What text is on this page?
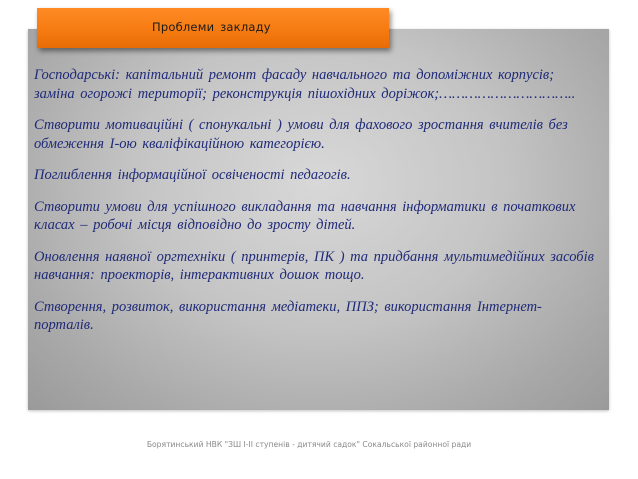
Проблеми закладу

Господарські: капітальний ремонт фасаду навчального та допоміжних корпусів; заміна огорожі території; реконструкція пішохідних доріжок;…………………………..

Створити мотиваційні ( спонукальні ) умови для фахового зростання вчителів без обмеження І-ою кваліфікаційною категорією.

Поглиблення інформаційної освіченості педагогів.

Створити умови для успішного викладання та навчання інформатики в початкових класах – робочі місця відповідно до зросту дітей.

Оновлення наявної оргтехніки ( принтерів, ПК ) та придбання мультимедійних засобів навчання: проекторів, інтерактивних дошок тощо.

Створення, розвиток, використання медіатеки, ППЗ; використання Інтернет-порталів.

Борятинський НВК "ЗШ І-ІІ ступенів - дитячий садок" Сокальської районної ради
